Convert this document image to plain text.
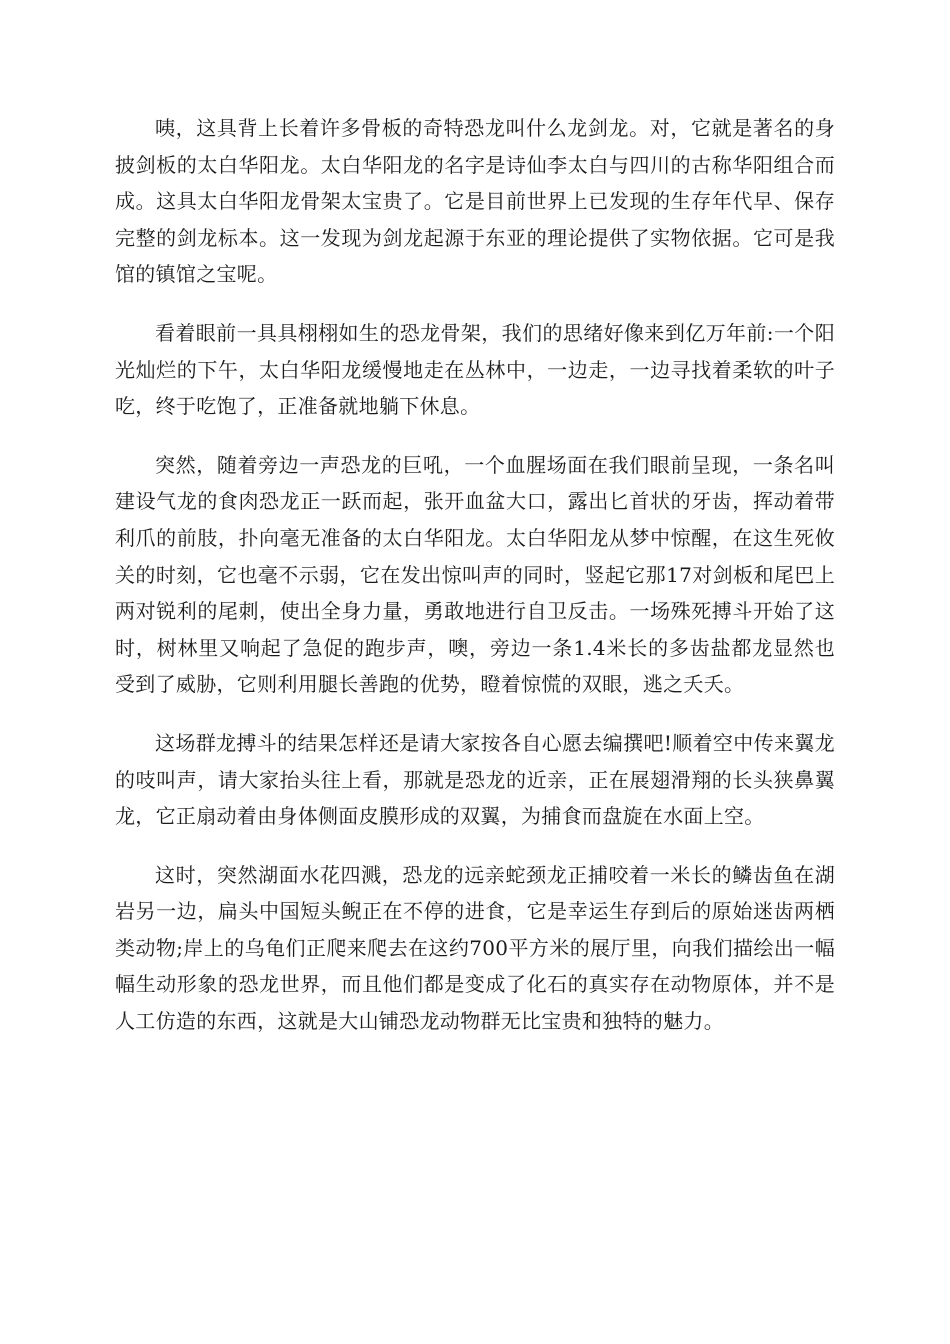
咦，这具背上长着许多骨板的奇特恐龙叫什么龙剑龙。对，它就是著名的身披剑板的太白华阳龙。太白华阳龙的名字是诗仙李太白与四川的古称华阳组合而成。这具太白华阳龙骨架太宝贵了。它是目前世界上已发现的生存年代早、保存完整的剑龙标本。这一发现为剑龙起源于东亚的理论提供了实物依据。它可是我馆的镇馆之宝呢。

看着眼前一具具栩栩如生的恐龙骨架，我们的思绪好像来到亿万年前:一个阳光灿烂的下午，太白华阳龙缓慢地走在丛林中，一边走，一边寻找着柔软的叶子吃，终于吃饱了，正准备就地躺下休息。

突然，随着旁边一声恐龙的巨吼，一个血腥场面在我们眼前呈现，一条名叫建设气龙的食肉恐龙正一跃而起，张开血盆大口，露出匕首状的牙齿，挥动着带利爪的前肢，扑向毫无准备的太白华阳龙。太白华阳龙从梦中惊醒，在这生死攸关的时刻，它也毫不示弱，它在发出惊叫声的同时，竖起它那17对剑板和尾巴上两对锐利的尾刺，使出全身力量，勇敢地进行自卫反击。一场殊死搏斗开始了这时，树林里又响起了急促的跑步声，噢，旁边一条1.4米长的多齿盐都龙显然也受到了威胁，它则利用腿长善跑的优势，瞪着惊慌的双眼，逃之夭夭。

这场群龙搏斗的结果怎样还是请大家按各自心愿去编撰吧!顺着空中传来翼龙的吱叫声，请大家抬头往上看，那就是恐龙的近亲，正在展翅滑翔的长头狭鼻翼龙，它正扇动着由身体侧面皮膜形成的双翼，为捕食而盘旋在水面上空。

这时，突然湖面水花四溅，恐龙的远亲蛇颈龙正捕咬着一米长的鳞齿鱼在湖岩另一边，扁头中国短头鲵正在不停的进食，它是幸运生存到后的原始迷齿两栖类动物;岸上的乌龟们正爬来爬去在这约700平方米的展厅里，向我们描绘出一幅幅生动形象的恐龙世界，而且他们都是变成了化石的真实存在动物原体，并不是人工仿造的东西，这就是大山铺恐龙动物群无比宝贵和独特的魅力。
